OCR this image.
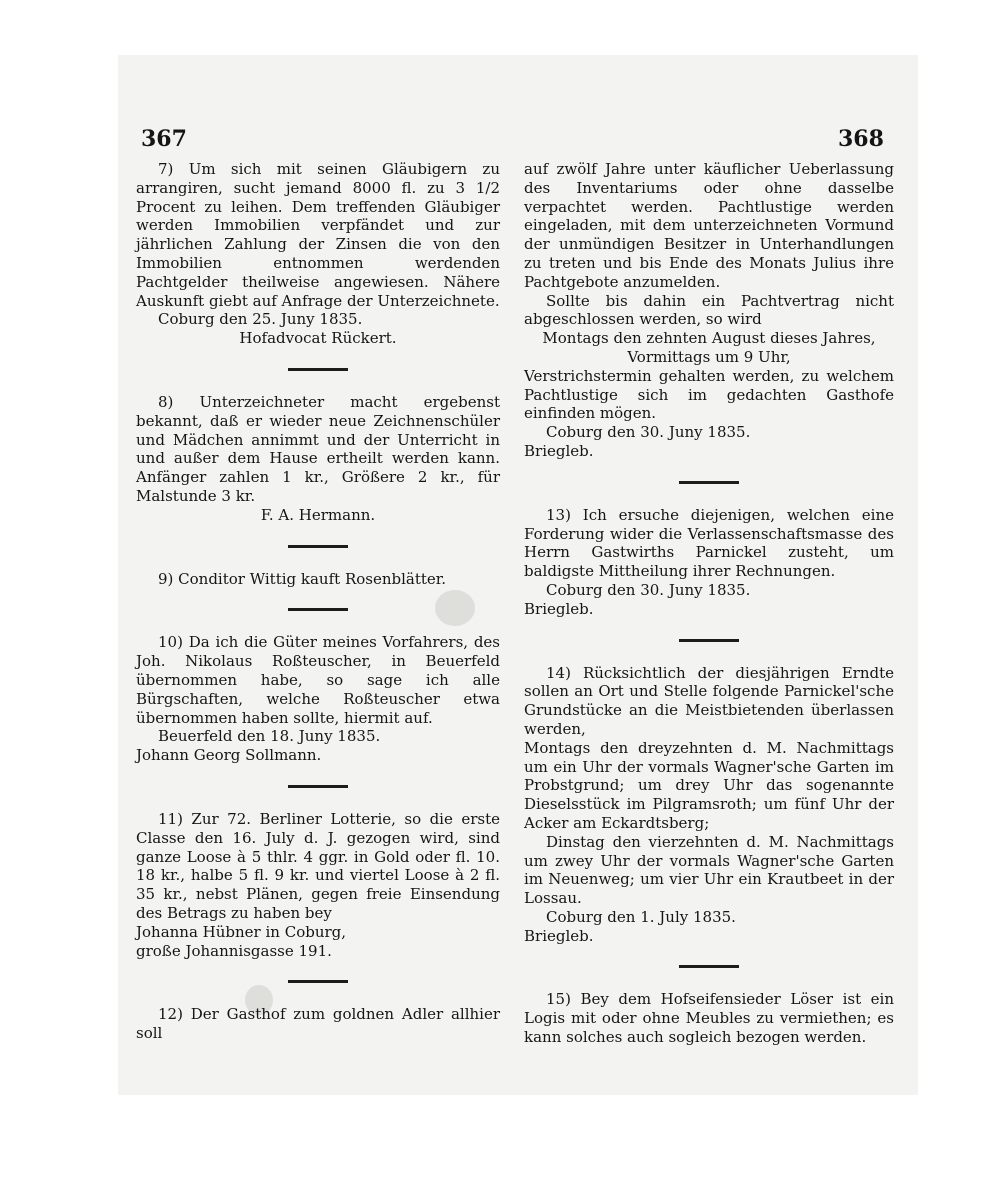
367	368

7) Um sich mit seinen Gläubigern zu arrangiren, sucht jemand 8000 fl. zu 3 1/2 Procent zu leihen. Dem treffenden Gläubiger werden Immobilien verpfändet und zur jährlichen Zahlung der Zinsen die von den Immobilien entnommen werdenden Pachtgelder theilweise angewiesen. Nähere Auskunft giebt auf Anfrage der Unterzeichnete.

Coburg den 25. Juny 1835.

Hofadvocat Rückert.

8) Unterzeichneter macht ergebenst bekannt, daß er wieder neue Zeichnenschüler und Mädchen annimmt und der Unterricht in und außer dem Hause ertheilt werden kann. Anfänger zahlen 1 kr., Größere 2 kr., für Malstunde 3 kr.

F. A. Hermann.

9) Conditor Wittig kauft Rosenblätter.

10) Da ich die Güter meines Vorfahrers, des Joh. Nikolaus Roßteuscher, in Beuerfeld übernommen habe, so sage ich alle Bürgschaften, welche Roßteuscher etwa übernommen haben sollte, hiermit auf.

Beuerfeld den 18. Juny 1835.

Johann Georg Sollmann.

11) Zur 72. Berliner Lotterie, so die erste Classe den 16. July d. J. gezogen wird, sind ganze Loose à 5 thlr. 4 ggr. in Gold oder fl. 10. 18 kr., halbe 5 fl. 9 kr. und viertel Loose à 2 fl. 35 kr., nebst Plänen, gegen freie Einsendung des Betrags zu haben bey

Johanna Hübner in Coburg,

große Johannisgasse 191.

12) Der Gasthof zum goldnen Adler allhier soll

auf zwölf Jahre unter käuflicher Ueberlassung des Inventariums oder ohne dasselbe verpachtet werden. Pachtlustige werden eingeladen, mit dem unterzeichneten Vormund der unmündigen Besitzer in Unterhandlungen zu treten und bis Ende des Monats Julius ihre Pachtgebote anzumelden.

Sollte bis dahin ein Pachtvertrag nicht abgeschlossen werden, so wird

Montags den zehnten August dieses Jahres,

Vormittags um 9 Uhr,

Verstrichstermin gehalten werden, zu welchem Pachtlustige sich im gedachten Gasthofe einfinden mögen.

Coburg den 30. Juny 1835.

Briegleb.

13) Ich ersuche diejenigen, welchen eine Forderung wider die Verlassenschaftsmasse des Herrn Gastwirths Parnickel zusteht, um baldigste Mittheilung ihrer Rechnungen.

Coburg den 30. Juny 1835.

Briegleb.

14) Rücksichtlich der diesjährigen Erndte sollen an Ort und Stelle folgende Parnickel'sche Grundstücke an die Meistbietenden überlassen werden,

Montags den dreyzehnten d. M. Nachmittags um ein Uhr der vormals Wagner'sche Garten im Probstgrund; um drey Uhr das sogenannte Dieselsstück im Pilgramsroth; um fünf Uhr der Acker am Eckardtsberg;

Dinstag den vierzehnten d. M. Nachmittags um zwey Uhr der vormals Wagner'sche Garten im Neuenweg; um vier Uhr ein Krautbeet in der Lossau.

Coburg den 1. July 1835.

Briegleb.

15) Bey dem Hofseifensieder Löser ist ein Logis mit oder ohne Meubles zu vermiethen; es kann solches auch sogleich bezogen werden.
